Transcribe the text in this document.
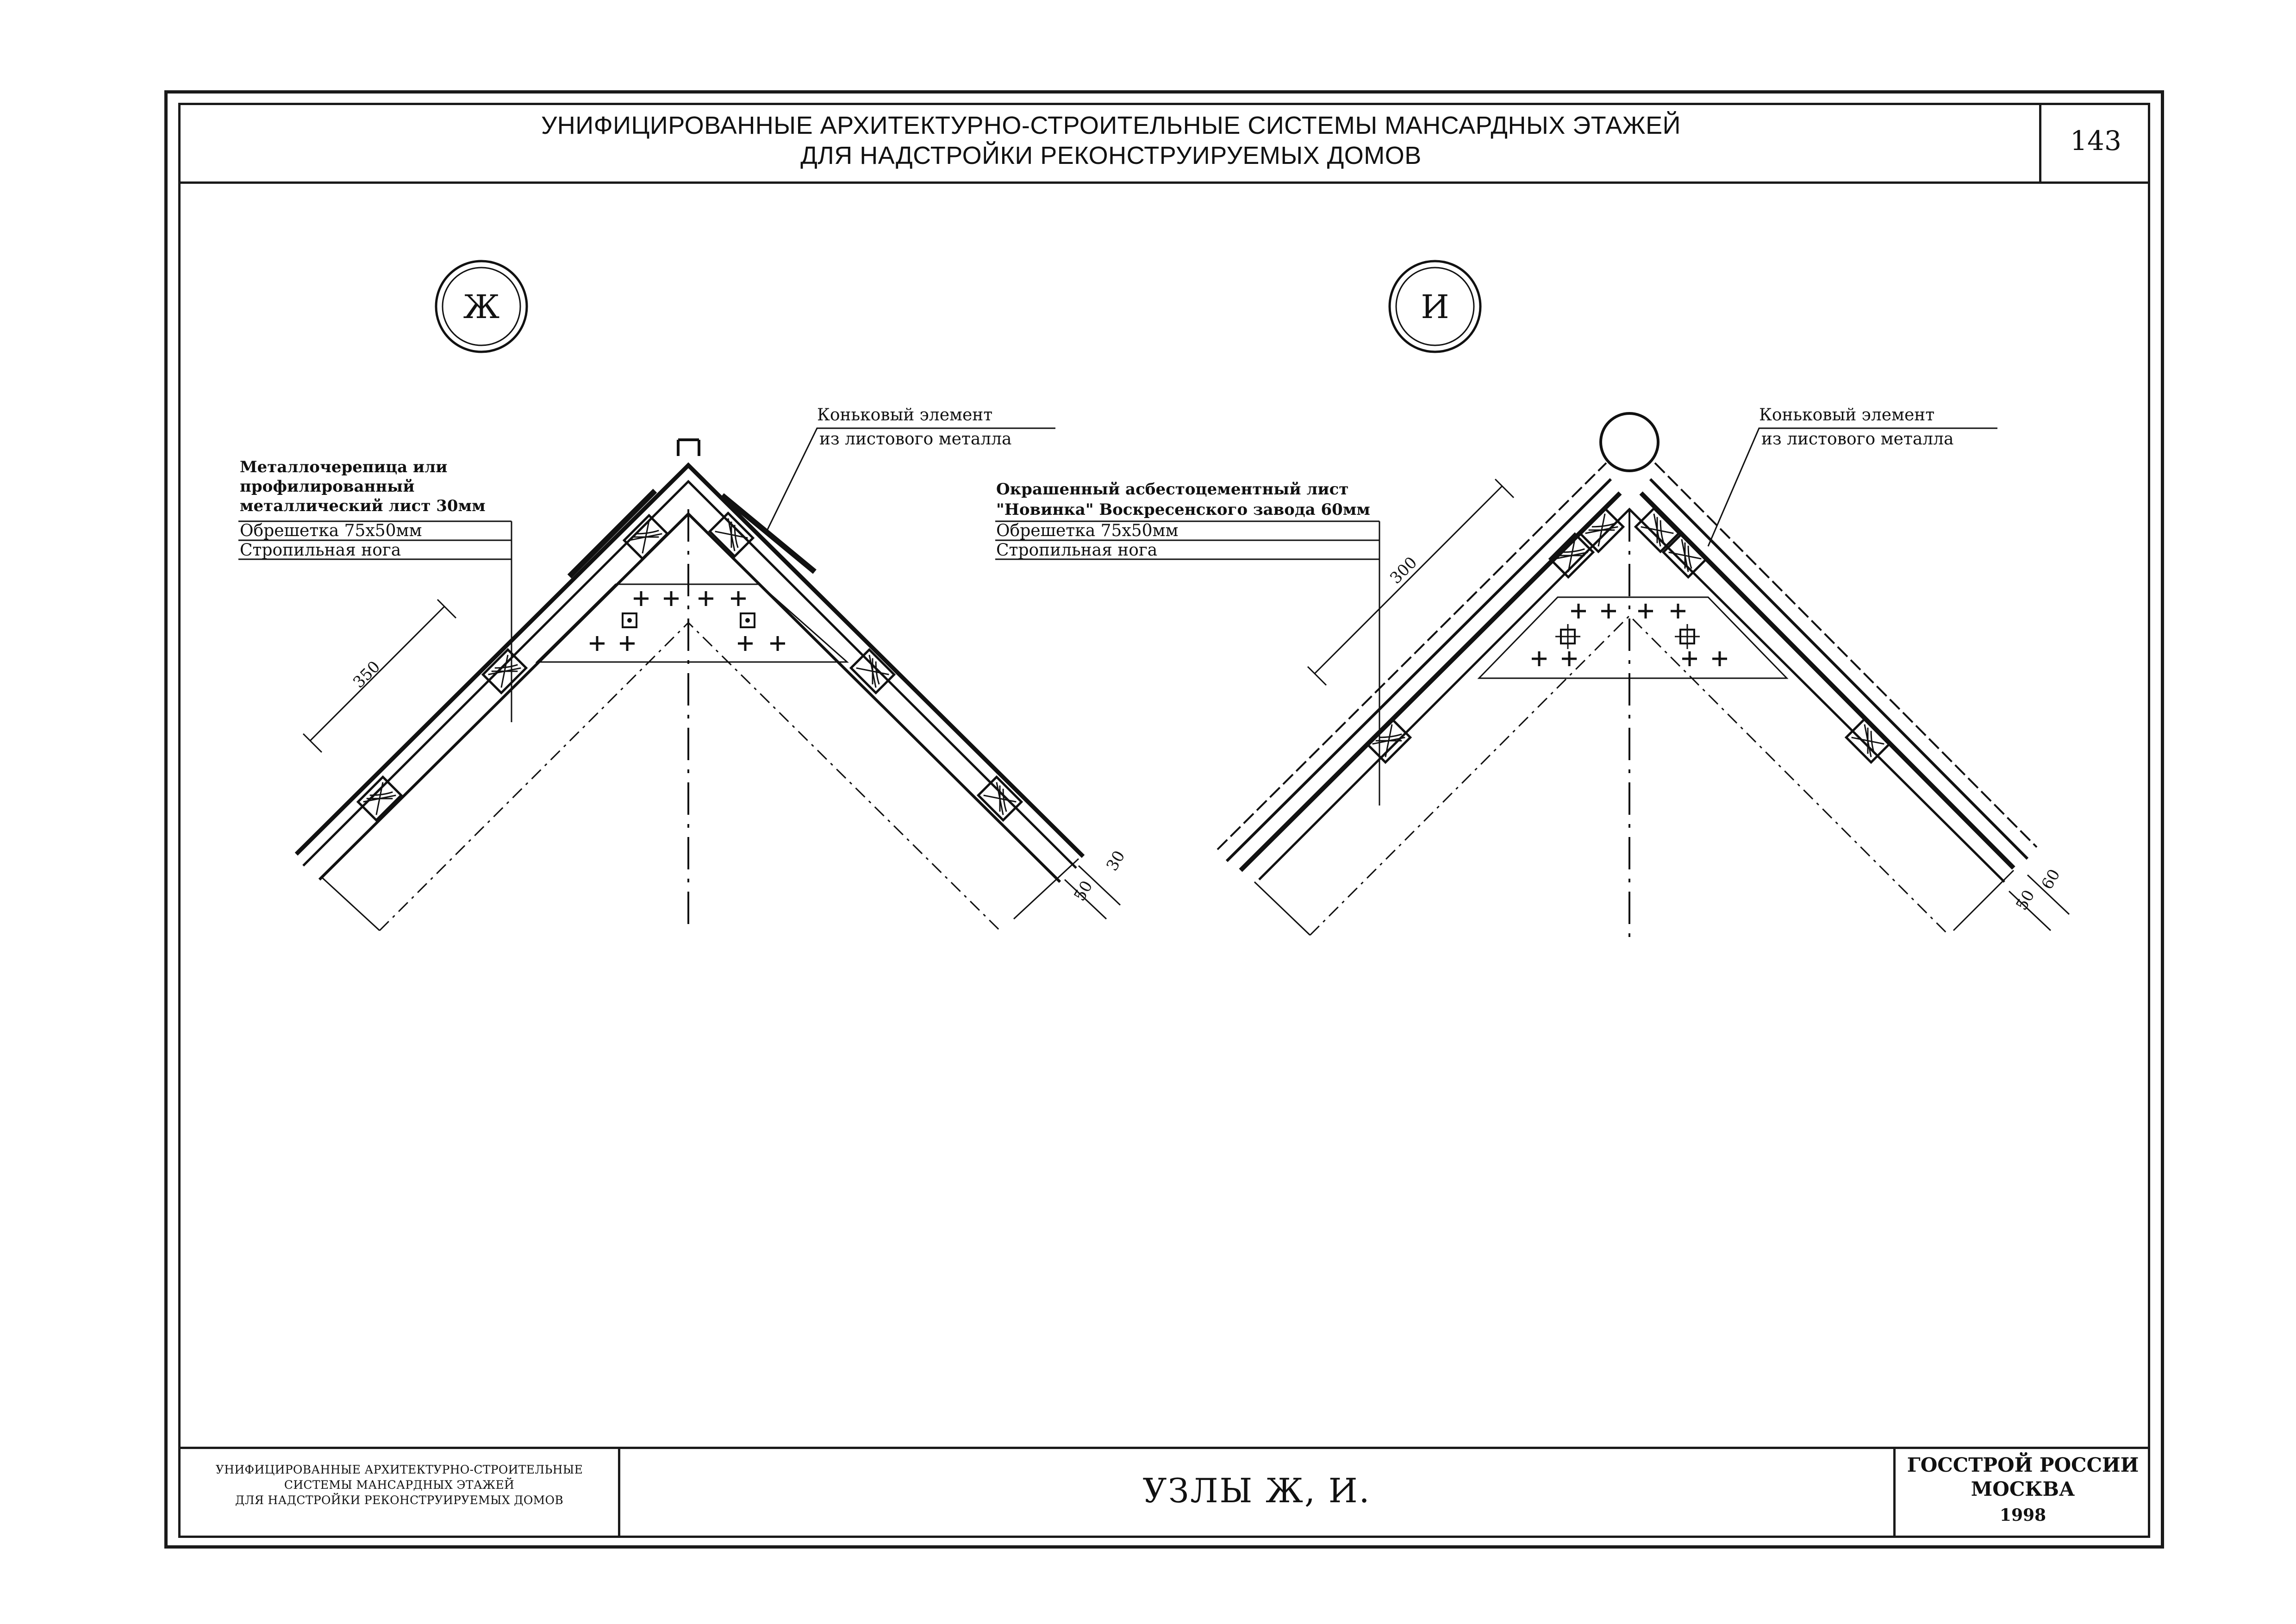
УНИФИЦИРОВАННЫЕ АРХИТЕКТУРНО-СТРОИТЕЛЬНЫЕ СИСТЕМЫ МАНСАРДНЫХ ЭТАЖЕЙ
ДЛЯ НАДСТРОЙКИ РЕКОНСТРУИРУЕМЫХ ДОМОВ	143
УНИФИЦИРОВАННЫЕ АРХИТЕКТУРНО-СТРОИТЕЛЬНЫЕ
СИСТЕМЫ МАНСАРДНЫХ ЭТАЖЕЙ
ДЛЯ НАДСТРОЙКИ РЕКОНСТРУИРУЕМЫХ ДОМОВ	УЗЛЫ Ж, И.
ГОССТРОЙ РОССИИ
МОСКВА
1998
Ж
350
50
30
Металлочерепица или
профилированный
металлический лист 30мм
Обрешетка 75х50мм
Стропильная нога
Коньковый элемент
из листового металла
И
300
50
60
Окрашенный асбестоцементный лист
"Новинка" Воскресенского завода 60мм
Обрешетка 75х50мм
Стропильная нога
Коньковый элемент
из листового металла
